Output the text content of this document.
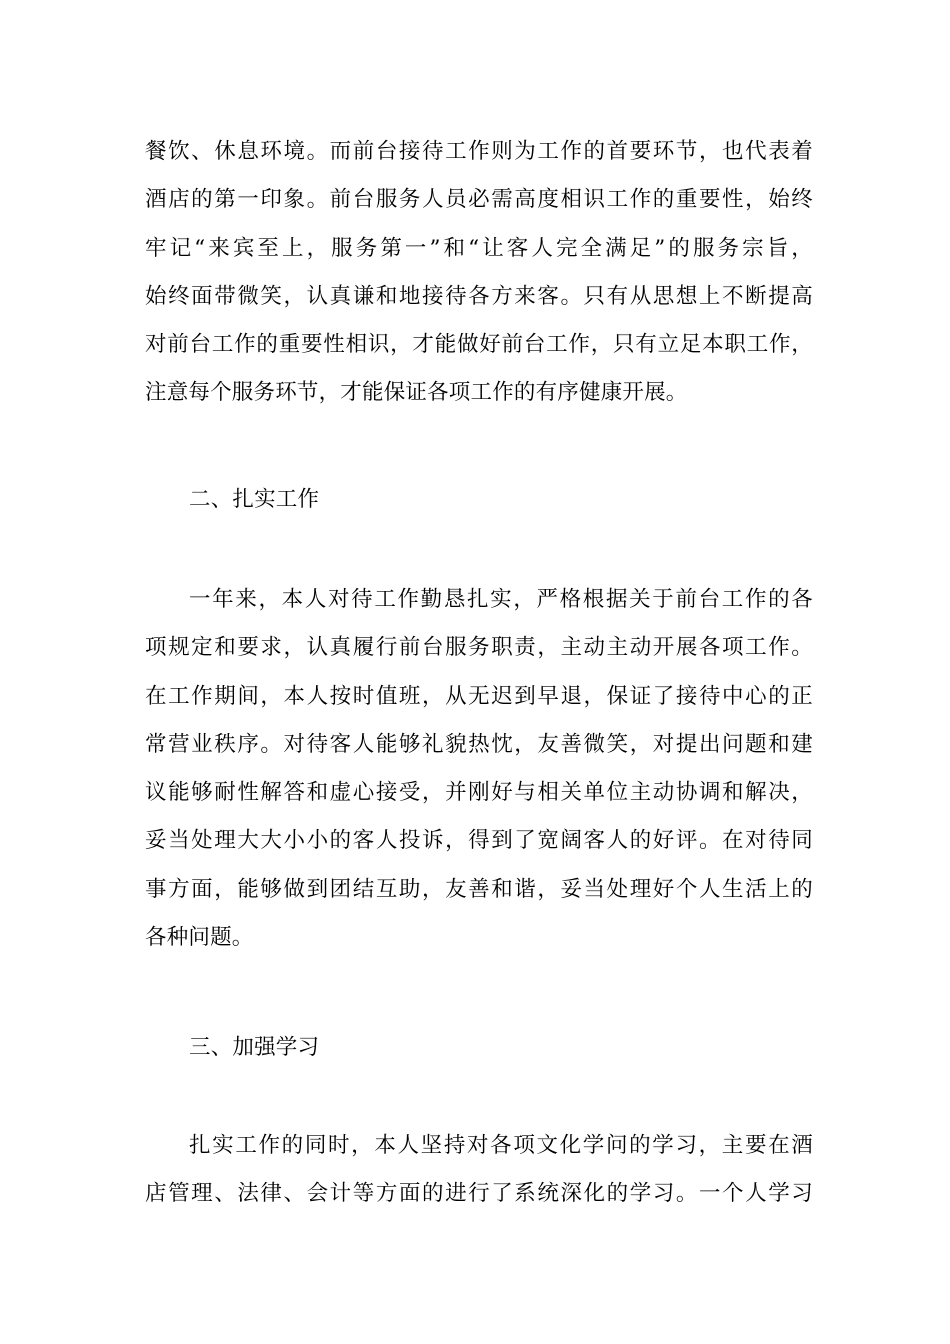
餐饮、休息环境。而前台接待工作则为工作的首要环节，也代表着
酒店的第一印象。前台服务人员必需高度相识工作的重要性，始终
牢记“来宾至上，服务第一”和“让客人完全满足”的服务宗旨，
始终面带微笑，认真谦和地接待各方来客。只有从思想上不断提高
对前台工作的重要性相识，才能做好前台工作，只有立足本职工作，
注意每个服务环节，才能保证各项工作的有序健康开展。
二、扎实工作
一年来，本人对待工作勤恳扎实，严格根据关于前台工作的各
项规定和要求，认真履行前台服务职责，主动主动开展各项工作。
在工作期间，本人按时值班，从无迟到早退，保证了接待中心的正
常营业秩序。对待客人能够礼貌热忱，友善微笑，对提出问题和建
议能够耐性解答和虚心接受，并刚好与相关单位主动协调和解决，
妥当处理大大小小的客人投诉，得到了宽阔客人的好评。在对待同
事方面，能够做到团结互助，友善和谐，妥当处理好个人生活上的
各种问题。
三、加强学习
扎实工作的同时，本人坚持对各项文化学问的学习，主要在酒
店管理、法律、会计等方面的进行了系统深化的学习。一个人学习
